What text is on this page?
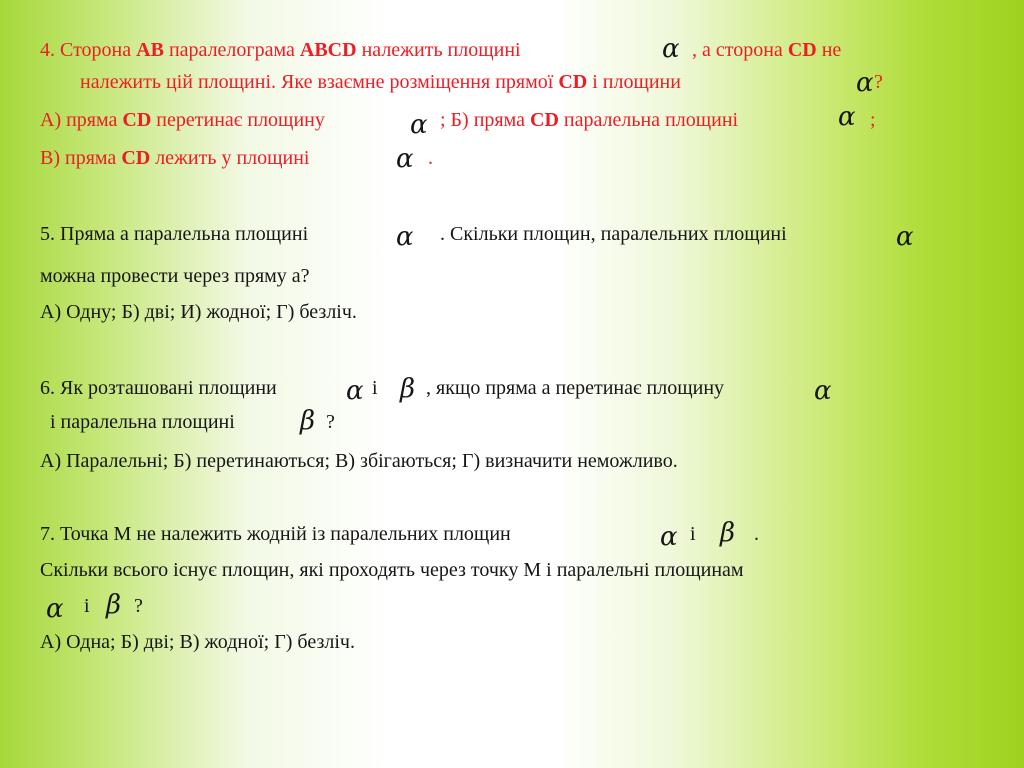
4. Сторона АВ паралелограма ABCD належить площині	α , а сторона CD не
належить цій площині. Яке взаємне розміщення прямої CD і площини	α ?
А) пряма CD перетинає площину	α ; Б) пряма CD паралельна площині	α ;
В) пряма CD лежить у площині	α .
5. Пряма а паралельна площині	α . Скільки площин, паралельних площині	α
можна провести через пряму а?
А) Одну; Б) дві; И) жодної; Г) безліч.
6. Як розташовані площини	α і β , якщо пряма а перетинає площину	α
і паралельна площині	β ?
А) Паралельні; Б) перетинаються; В) збігаються; Г) визначити неможливо.
7. Точка М не належить жодній із паралельних площин	α і β .
Скільки всього існує площин, які проходять через точку М і паралельні площинам
α і β ?
А) Одна; Б) дві; В) жодної; Г) безліч.
